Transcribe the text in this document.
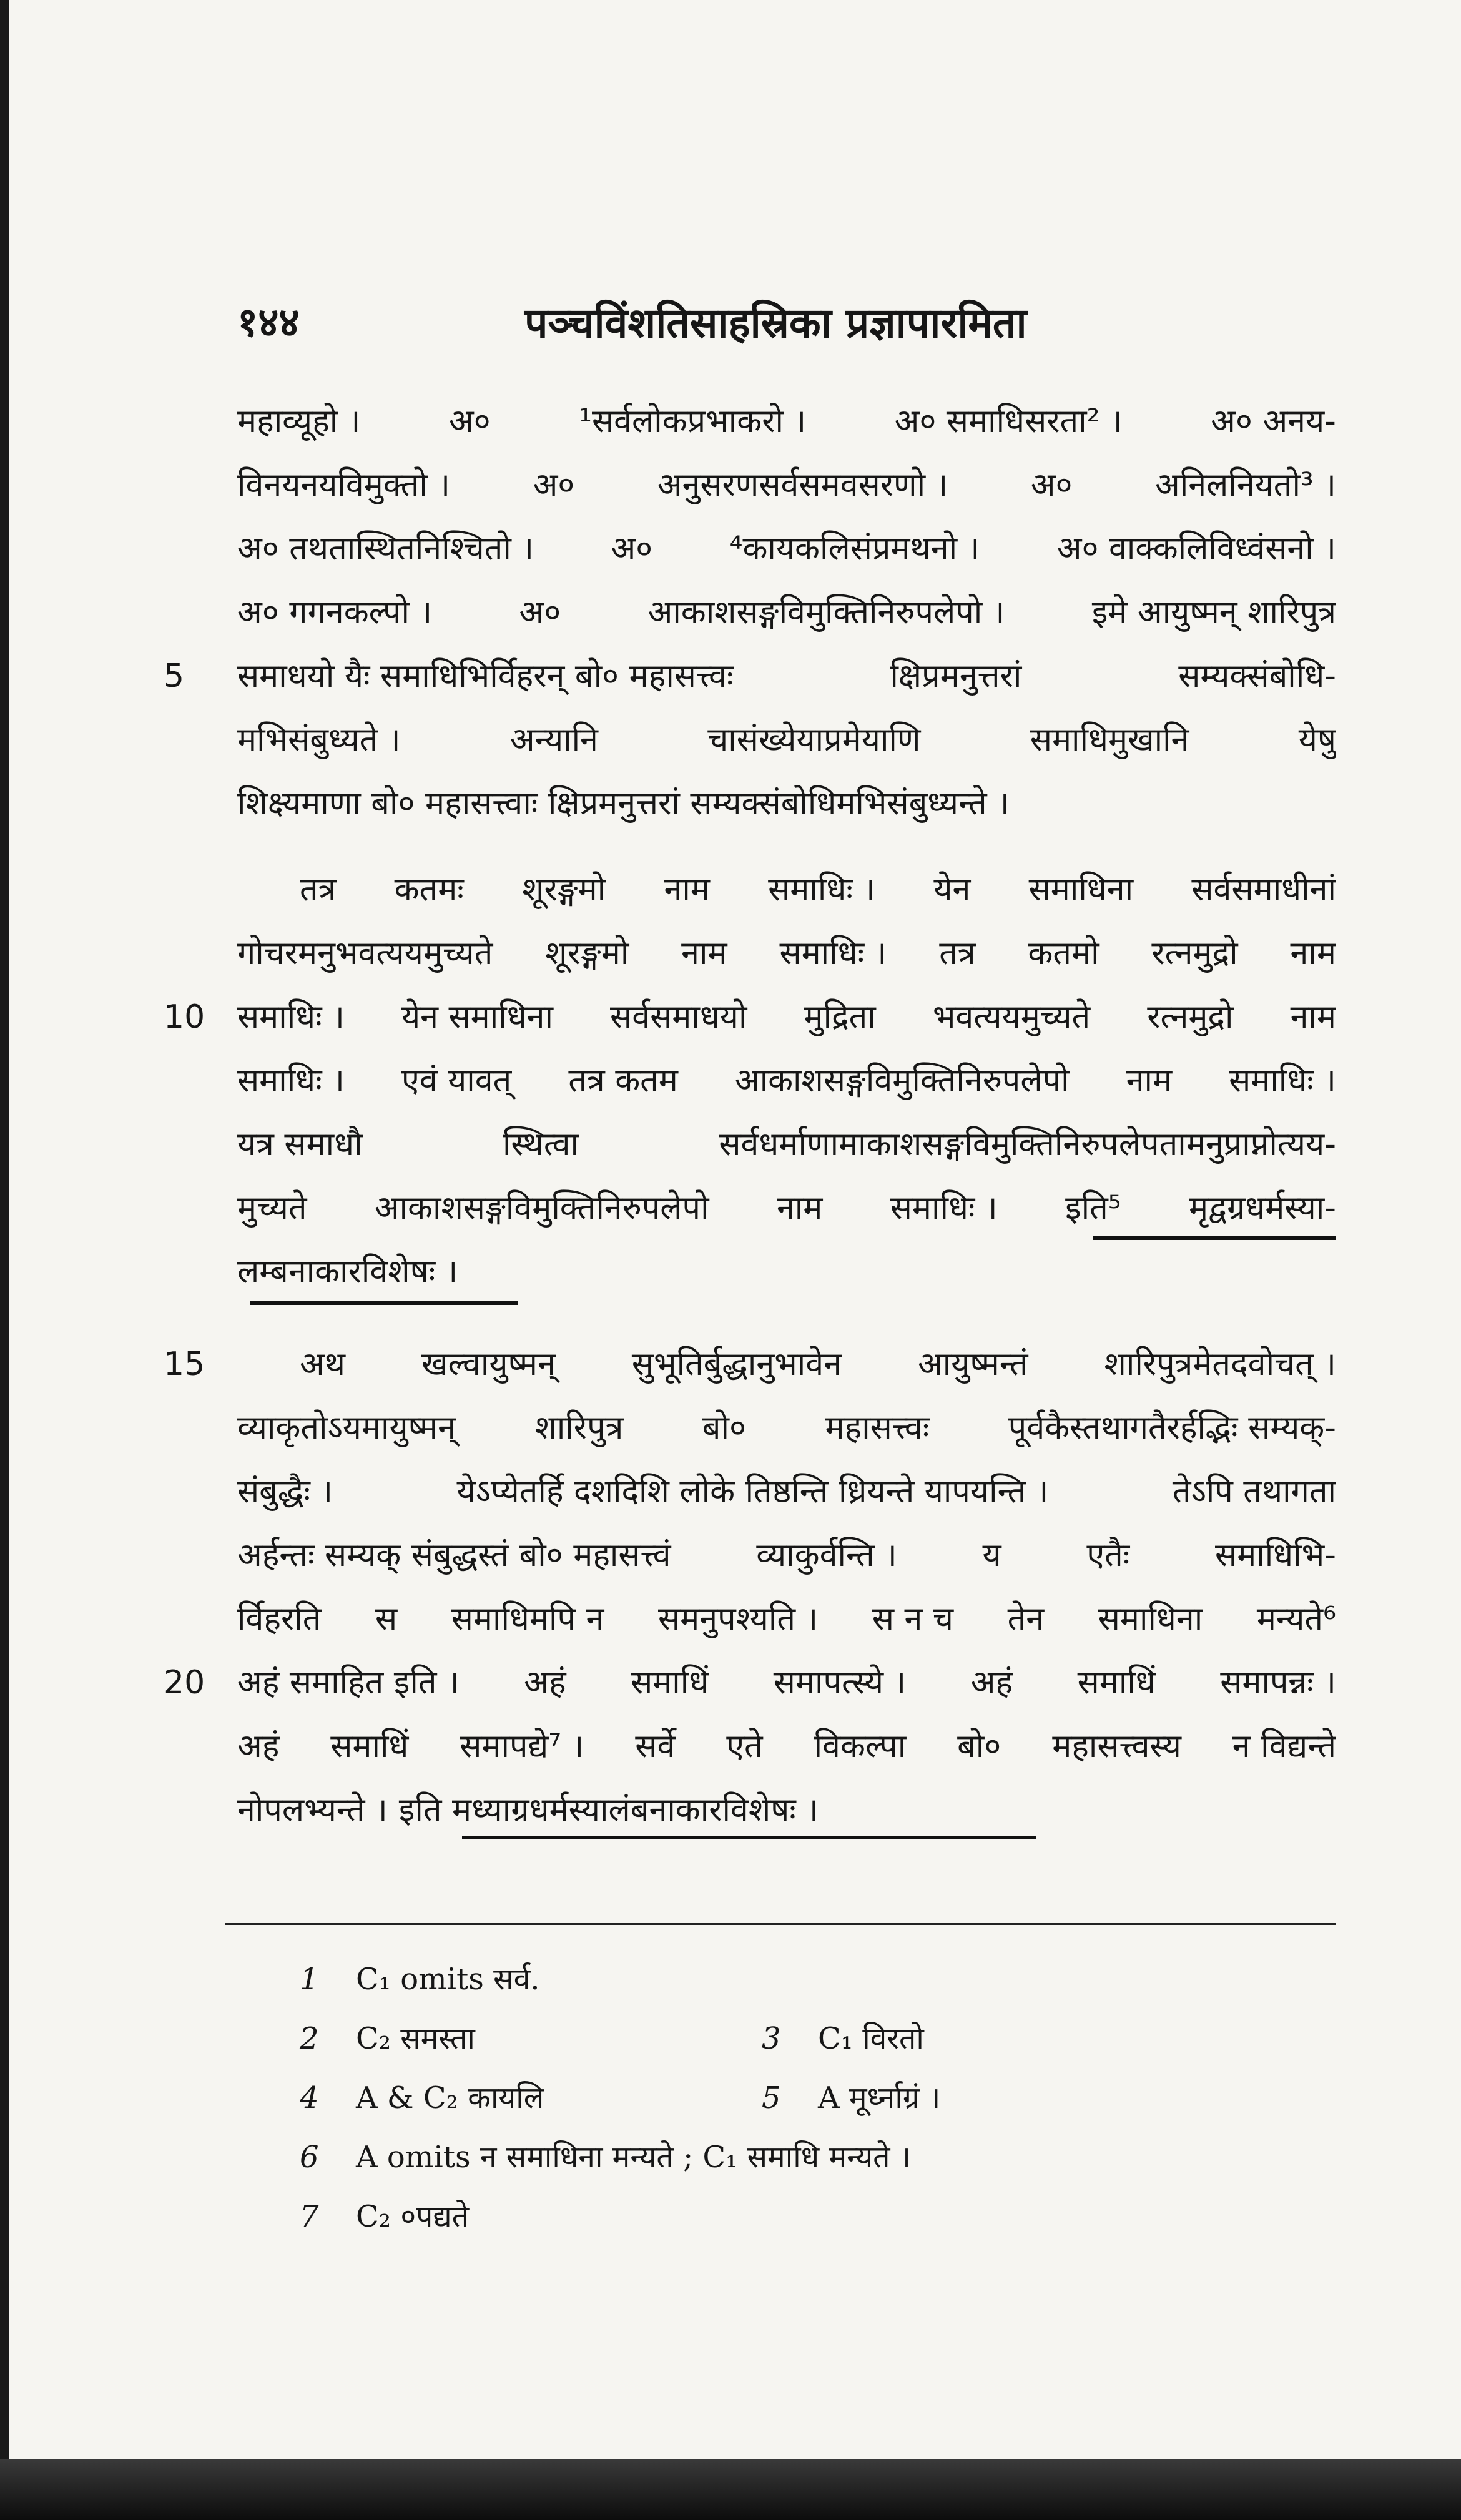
१४४	पञ्चविंशतिसाहस्रिका प्रज्ञापारमिता
महाव्यूहो ।	अ०	¹सर्वलोकप्रभाकरो ।	अ० समाधिसरता² ।	अ० अनय-
विनयनयविमुक्तो ।	अ०	अनुसरणसर्वसमवसरणो ।	अ०	अनिलनियतो³ ।
अ० तथतास्थितनिश्चितो । अ० ⁴कायकलिसंप्रमथनो । अ० वाक्कलिविध्वंसनो ।
अ० गगनकल्पो ।	अ०	आकाशसङ्गविमुक्तिनिरुपलेपो ।	इमे आयुष्मन् शारिपुत्र
समाधयो यैः समाधिभिर्विहरन् बो० महासत्त्वः	क्षिप्रमनुत्तरां	सम्यक्संबोधि-
मभिसंबुध्यते ।	अन्यानि	चासंख्येयाप्रमेयाणि	समाधिमुखानि	येषु
शिक्ष्यमाणा बो० महासत्त्वाः क्षिप्रमनुत्तरां सम्यक्संबोधिमभिसंबुध्यन्ते ।
तत्र कतमः शूरङ्गमो नाम समाधिः । येन समाधिना सर्वसमाधीनां
गोचरमनुभवत्ययमुच्यते शूरङ्गमो नाम समाधिः । तत्र कतमो रत्नमुद्रो नाम
समाधिः । येन समाधिना सर्वसमाधयो मुद्रिता भवत्ययमुच्यते रत्नमुद्रो नाम
समाधिः । एवं यावत् तत्र कतम आकाशसङ्गविमुक्तिनिरुपलेपो नाम समाधिः ।
यत्र समाधौ	स्थित्वा	सर्वधर्माणामाकाशसङ्गविमुक्तिनिरुपलेपतामनुप्राप्नोत्यय-
मुच्यते आकाशसङ्गविमुक्तिनिरुपलेपो नाम समाधिः । इति⁵ मृद्वग्रधर्मस्या-
लम्बनाकारविशेषः ।
अथ खल्वायुष्मन् सुभूतिर्बुद्धानुभावेन आयुष्मन्तं शारिपुत्रमेतदवोचत् ।
व्याकृतोऽयमायुष्मन् शारिपुत्र बो० महासत्त्वः पूर्वकैस्तथागतैरर्हद्भिः सम्यक्-
संबुद्धैः ।	येऽप्येतर्हि दशदिशि लोके तिष्ठन्ति ध्रियन्ते यापयन्ति ।	तेऽपि तथागता
अर्हन्तः सम्यक् संबुद्धस्तं बो० महासत्त्वं	व्याकुर्वन्ति ।	य	एतैः	समाधिभि-
र्विहरति स समाधिमपि न समनुपश्यति । स न च तेन समाधिना मन्यते⁶
अहं समाहित इति । अहं समाधिं समापत्स्ये । अहं समाधिं समापन्नः ।
अहं समाधिं समापद्ये⁷ । सर्वे एते विकल्पा बो० महासत्त्वस्य न विद्यन्ते
नोपलभ्यन्ते । इति मध्याग्रधर्मस्यालंबनाकारविशेषः ।
1 C₁ omits सर्व.
2 C₂ समस्ता	3 C₁ विरतो
4 A & C₂ कायलि	5 A मूर्ध्नाग्रं ।
6 A omits न समाधिना मन्यते ; C₁ समाधि मन्यते ।
7 C₂ ०पद्यते
5
10
15
20
